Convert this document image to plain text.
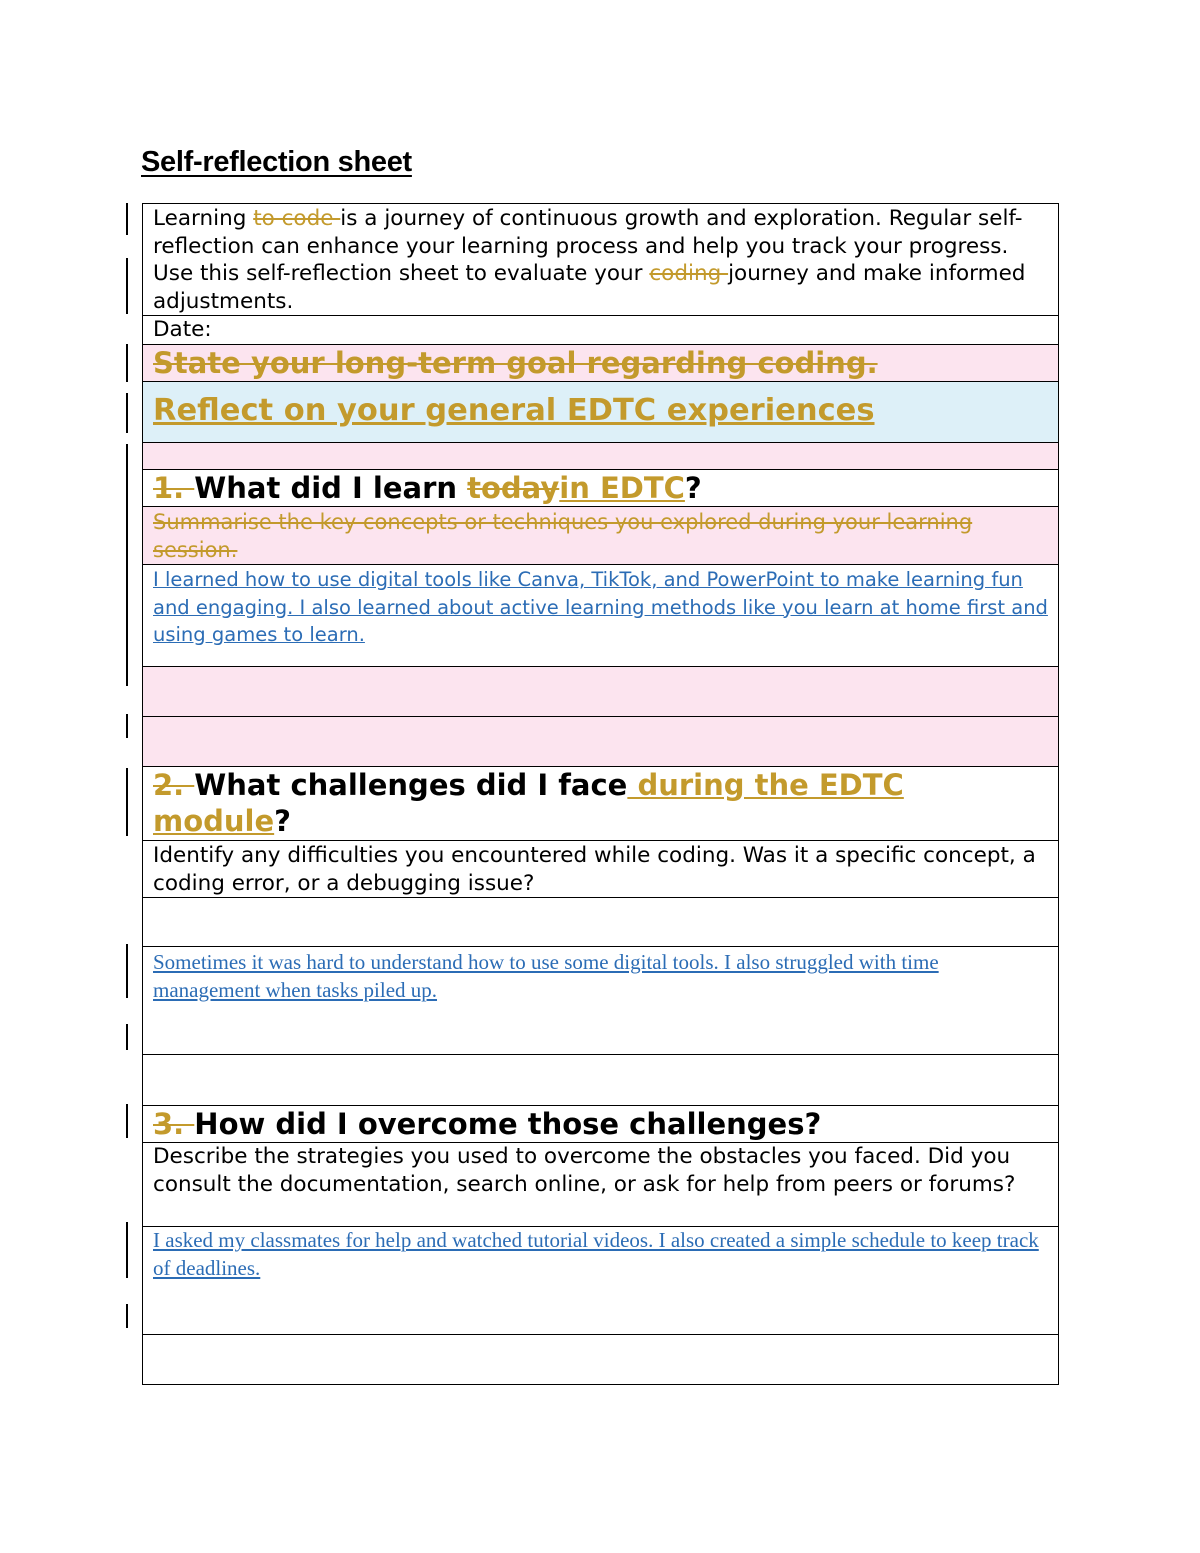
Self-reflection sheet
Learning to code is a journey of continuous growth and exploration. Regular self-reflection can enhance your learning process and help you track your progress. Use this self-reflection sheet to evaluate your coding journey and make informed adjustments.
Date:
State your long-term goal regarding coding.
Reflect on your general EDTC experiences

1. What did I learn todayin EDTC?
Summarise the key concepts or techniques you explored during your learning session.
I learned how to use digital tools like Canva, TikTok, and PowerPoint to make learning fun and engaging. I also learned about active learning methods like you learn at home first and using games to learn.

2. What challenges did I face during the EDTC module?
Identify any difficulties you encountered while coding. Was it a specific concept, a coding error, or a debugging issue?

Sometimes it was hard to understand how to use some digital tools. I also struggled with time management when tasks piled up.

3. How did I overcome those challenges?
Describe the strategies you used to overcome the obstacles you faced. Did you consult the documentation, search online, or ask for help from peers or forums?
I asked my classmates for help and watched tutorial videos. I also created a simple schedule to keep track of deadlines.
